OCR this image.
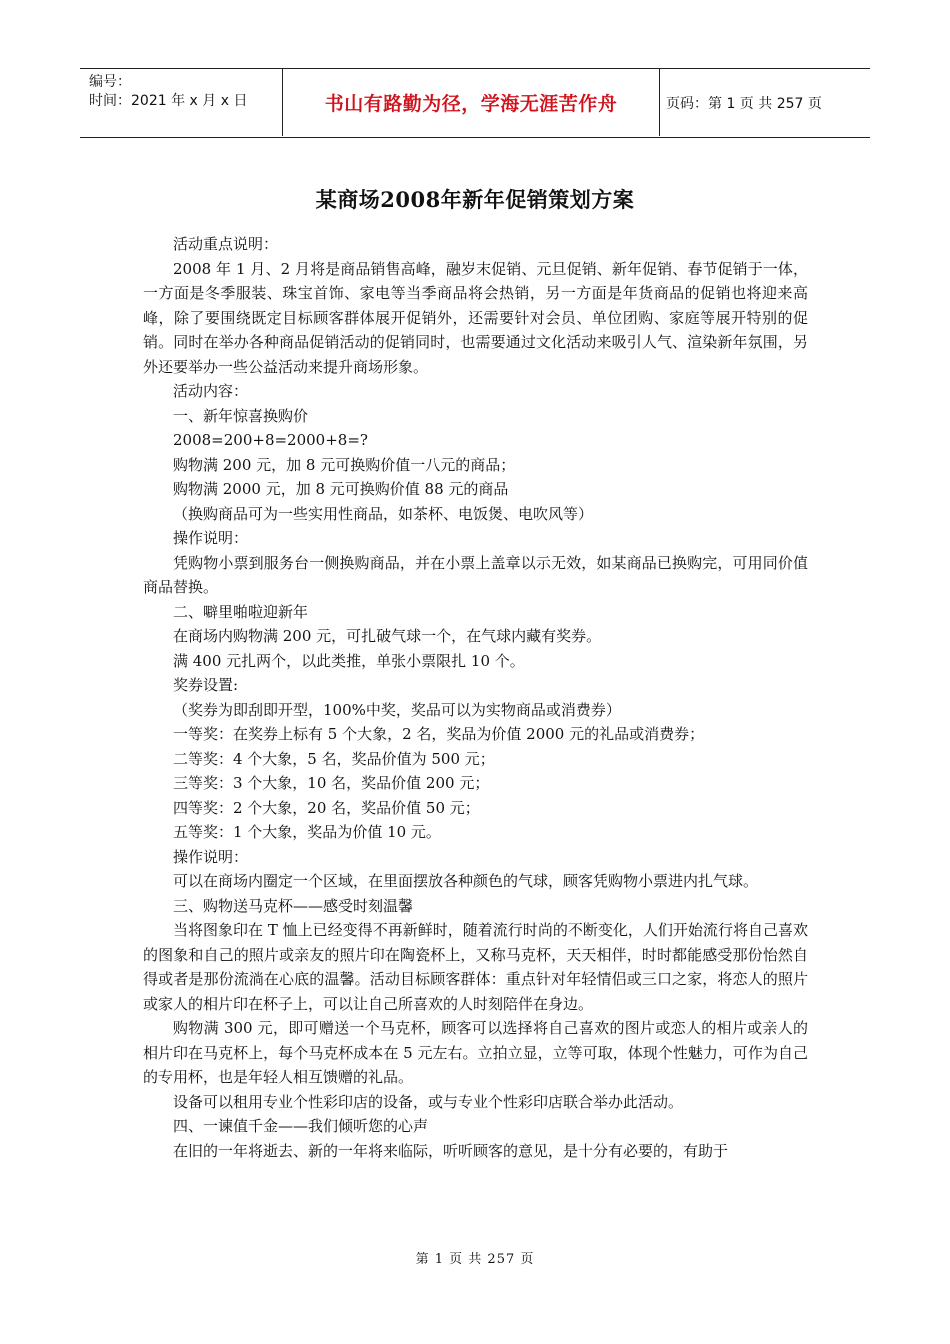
编号：
时间：2021 年 x 月 x 日	书山有路勤为径，学海无涯苦作舟	页码：第 1 页 共 257 页
某商场2008年新年促销策划方案
活动重点说明：
2008 年 1 月、2 月将是商品销售高峰，融岁末促销、元旦促销、新年促销、春节促销于一体，一方面是冬季服装、珠宝首饰、家电等当季商品将会热销，另一方面是年货商品的促销也将迎来高峰，除了要围绕既定目标顾客群体展开促销外，还需要针对会员、单位团购、家庭等展开特别的促销。同时在举办各种商品促销活动的促销同时，也需要通过文化活动来吸引人气、渲染新年氛围，另外还要举办一些公益活动来提升商场形象。
活动内容：
一、新年惊喜换购价
2008=200+8=2000+8=?
购物满 200 元，加 8 元可换购价值一八元的商品；
购物满 2000 元，加 8 元可换购价值 88 元的商品
（换购商品可为一些实用性商品，如茶杯、电饭煲、电吹风等）
操作说明：
凭购物小票到服务台一侧换购商品，并在小票上盖章以示无效，如某商品已换购完，可用同价值商品替换。
二、噼里啪啦迎新年
在商场内购物满 200 元，可扎破气球一个，在气球内藏有奖券。
满 400 元扎两个，以此类推，单张小票限扎 10 个。
奖券设置:
（奖券为即刮即开型，100%中奖，奖品可以为实物商品或消费券）
一等奖：在奖券上标有 5 个大象，2 名，奖品为价值 2000 元的礼品或消费券；
二等奖：4 个大象，5 名，奖品价值为 500 元；
三等奖：3 个大象，10 名，奖品价值 200 元；
四等奖：2 个大象，20 名，奖品价值 50 元；
五等奖：1 个大象，奖品为价值 10 元。
操作说明：
可以在商场内圈定一个区域，在里面摆放各种颜色的气球，顾客凭购物小票进内扎气球。
三、购物送马克杯——感受时刻温馨
当将图象印在 T 恤上已经变得不再新鲜时，随着流行时尚的不断变化，人们开始流行将自己喜欢的图象和自己的照片或亲友的照片印在陶瓷杯上，又称马克杯，天天相伴，时时都能感受那份怡然自得或者是那份流淌在心底的温馨。活动目标顾客群体：重点针对年轻情侣或三口之家，将恋人的照片或家人的相片印在杯子上，可以让自己所喜欢的人时刻陪伴在身边。
购物满 300 元，即可赠送一个马克杯，顾客可以选择将自己喜欢的图片或恋人的相片或亲人的相片印在马克杯上，每个马克杯成本在 5 元左右。立拍立显，立等可取，体现个性魅力，可作为自己的专用杯，也是年轻人相互馈赠的礼品。
设备可以租用专业个性彩印店的设备，或与专业个性彩印店联合举办此活动。
四、一谏值千金——我们倾听您的心声
在旧的一年将逝去、新的一年将来临际，听听顾客的意见，是十分有必要的，有助于
第 1 页 共 257 页
